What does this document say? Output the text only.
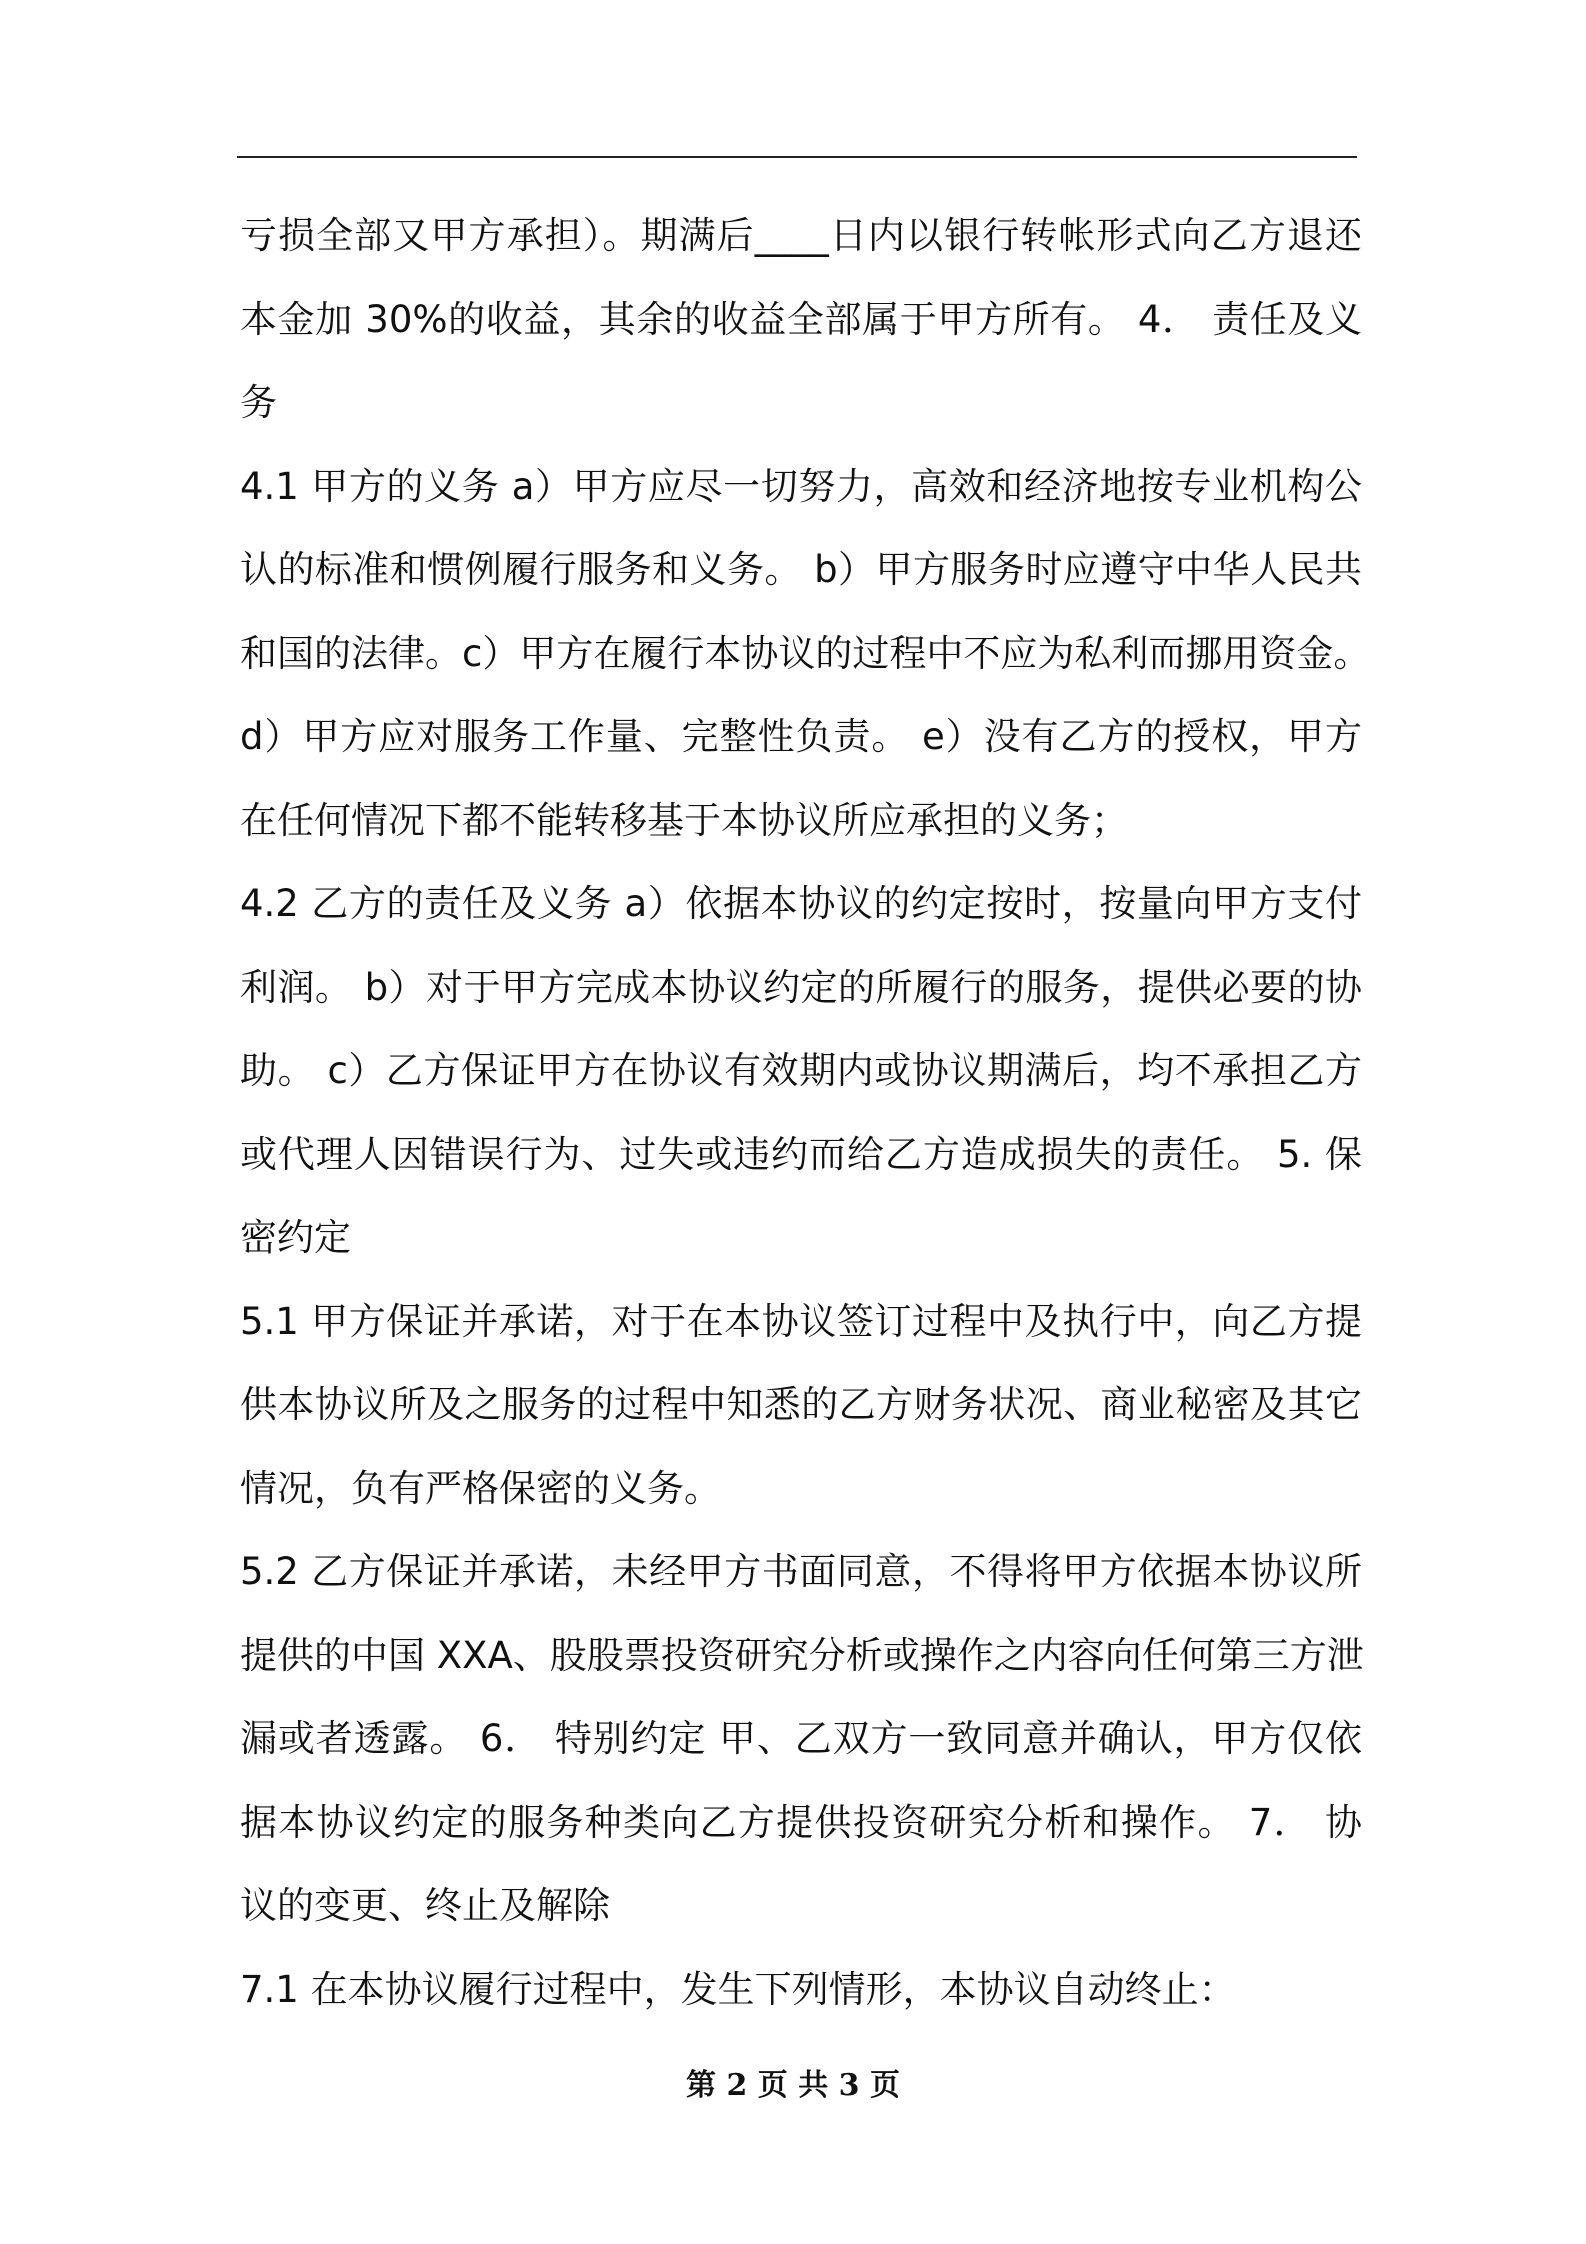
亏损全部又甲方承担）。期满后____日内以银行转帐形式向乙方退还
本金加 30%的收益，其余的收益全部属于甲方所有。 4． 责任及义
务
4.1 甲方的义务 a）甲方应尽一切努力，高效和经济地按专业机构公
认的标准和惯例履行服务和义务。 b）甲方服务时应遵守中华人民共
和国的法律。c）甲方在履行本协议的过程中不应为私利而挪用资金。
d）甲方应对服务工作量、完整性负责。 e）没有乙方的授权，甲方
在任何情况下都不能转移基于本协议所应承担的义务；
4.2 乙方的责任及义务 a）依据本协议的约定按时，按量向甲方支付
利润。 b）对于甲方完成本协议约定的所履行的服务，提供必要的协
助。 c）乙方保证甲方在协议有效期内或协议期满后，均不承担乙方
或代理人因错误行为、过失或违约而给乙方造成损失的责任。 5. 保
密约定
5.1 甲方保证并承诺，对于在本协议签订过程中及执行中，向乙方提
供本协议所及之服务的过程中知悉的乙方财务状况、商业秘密及其它
情况，负有严格保密的义务。
5.2 乙方保证并承诺，未经甲方书面同意，不得将甲方依据本协议所
提供的中国 XXA、股股票投资研究分析或操作之内容向任何第三方泄
漏或者透露。 6． 特别约定 甲、乙双方一致同意并确认，甲方仅依
据本协议约定的服务种类向乙方提供投资研究分析和操作。 7． 协
议的变更、终止及解除
7.1 在本协议履行过程中，发生下列情形，本协议自动终止：
第 2 页 共 3 页
